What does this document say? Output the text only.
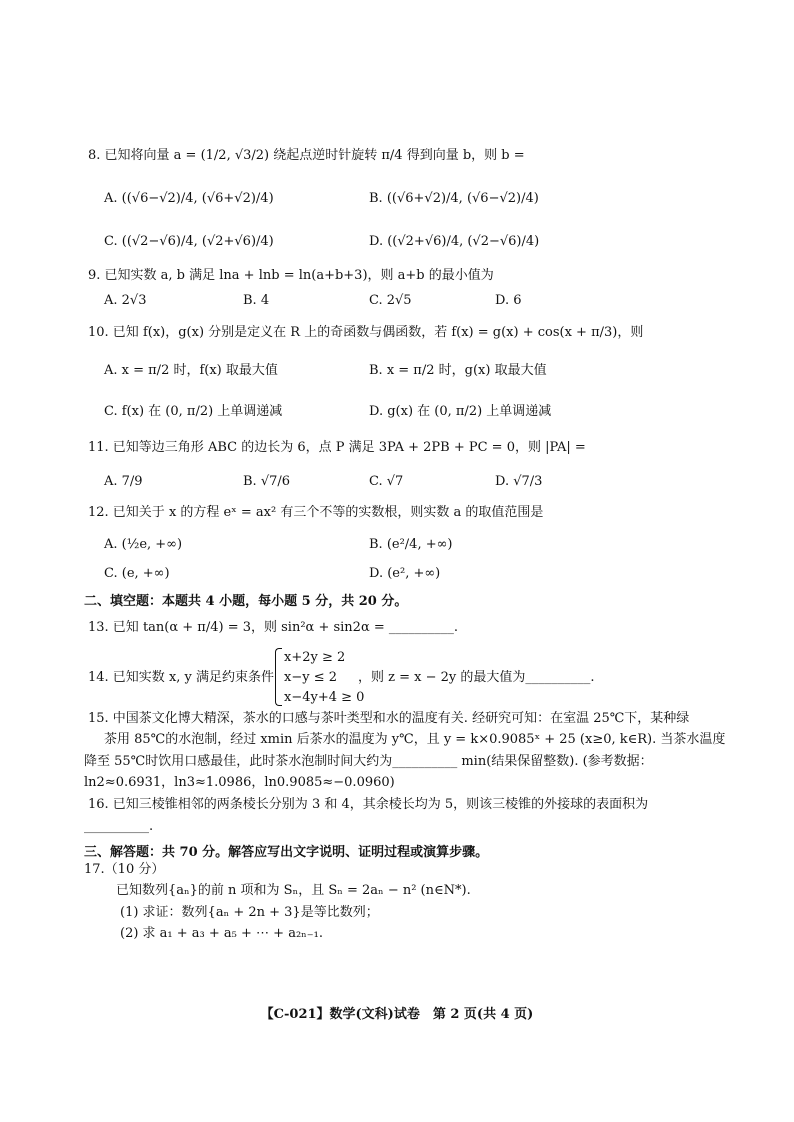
8. 已知将向量 a = (1/2, √3/2) 绕起点逆时针旋转 π/4 得到向量 b，则 b =
A. ((√6−√2)/4, (√6+√2)/4)	B. ((√6+√2)/4, (√6−√2)/4)
C. ((√2−√6)/4, (√2+√6)/4)	D. ((√2+√6)/4, (√2−√6)/4)
9. 已知实数 a, b 满足 lna + lnb = ln(a+b+3)，则 a+b 的最小值为
A. 2√3	B. 4	C. 2√5	D. 6
10. 已知 f(x)，g(x) 分别是定义在 R 上的奇函数与偶函数，若 f(x) = g(x) + cos(x + π/3)，则
A. x = π/2 时，f(x) 取最大值	B. x = π/2 时，g(x) 取最大值
C. f(x) 在 (0, π/2) 上单调递减	D. g(x) 在 (0, π/2) 上单调递减
11. 已知等边三角形 ABC 的边长为 6，点 P 满足 3PA + 2PB + PC = 0，则 |PA| =
A. 7/9	B. √7/6	C. √7	D. √7/3
12. 已知关于 x 的方程 eˣ = ax² 有三个不等的实数根，则实数 a 的取值范围是
A. (½e, +∞)	B. (e²/4, +∞)
C. (e, +∞)	D. (e², +∞)
二、填空题：本题共 4 小题，每小题 5 分，共 20 分。
13. 已知 tan(α + π/4) = 3，则 sin²α + sin2α = __________.
14. 已知实数 x, y 满足约束条件
x+2y ≥ 2
x−y ≤ 2
x−4y+4 ≥ 0
，则 z = x − 2y 的最大值为__________.
15. 中国茶文化博大精深，茶水的口感与茶叶类型和水的温度有关. 经研究可知：在室温 25℃下，某种绿
茶用 85℃的水泡制，经过 xmin 后茶水的温度为 y℃，且 y = k×0.9085ˣ + 25 (x≥0, k∈R). 当茶水温度
降至 55℃时饮用口感最佳，此时茶水泡制时间大约为__________ min(结果保留整数). (参考数据：
ln2≈0.6931，ln3≈1.0986，ln0.9085≈−0.0960)
16. 已知三棱锥相邻的两条棱长分别为 3 和 4，其余棱长均为 5，则该三棱锥的外接球的表面积为
__________.
三、解答题：共 70 分。解答应写出文字说明、证明过程或演算步骤。
17.（10 分）
已知数列{aₙ}的前 n 项和为 Sₙ，且 Sₙ = 2aₙ − n² (n∈N*).
(1) 求证：数列{aₙ + 2n + 3}是等比数列；
(2) 求 a₁ + a₃ + a₅ + ⋯ + a₂ₙ₋₁.
【C-021】数学(文科)试卷　第 2 页(共 4 页)
